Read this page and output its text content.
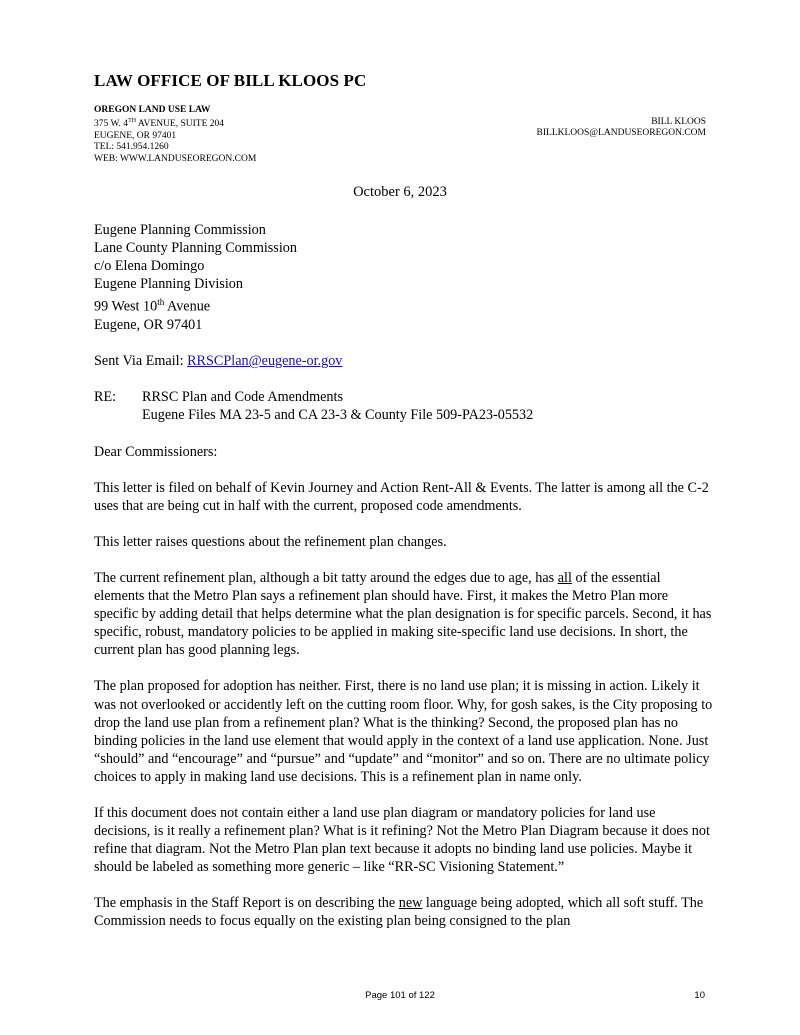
LAW OFFICE OF BILL KLOOS PC
OREGON LAND USE LAW
375 W. 4TH AVENUE, SUITE 204
EUGENE, OR 97401
TEL: 541.954.1260
WEB: WWW.LANDUSEOREGON.COM
BILL KLOOS
BILLKLOOS@LANDUSEOREGON.COM
October 6, 2023
Eugene Planning Commission
Lane County Planning Commission
c/o Elena Domingo
Eugene Planning Division
99 West 10th Avenue
Eugene, OR 97401
Sent Via Email: RRSCPlan@eugene-or.gov
RE:	RRSC Plan and Code Amendments
Eugene Files MA 23-5 and CA 23-3 & County File 509-PA23-05532
Dear Commissioners:
This letter is filed on behalf of Kevin Journey and Action Rent-All & Events. The latter is among all the C-2 uses that are being cut in half with the current, proposed code amendments.
This letter raises questions about the refinement plan changes.
The current refinement plan, although a bit tatty around the edges due to age, has all of the essential elements that the Metro Plan says a refinement plan should have. First, it makes the Metro Plan more specific by adding detail that helps determine what the plan designation is for specific parcels. Second, it has specific, robust, mandatory policies to be applied in making site-specific land use decisions. In short, the current plan has good planning legs.
The plan proposed for adoption has neither. First, there is no land use plan; it is missing in action. Likely it was not overlooked or accidently left on the cutting room floor. Why, for gosh sakes, is the City proposing to drop the land use plan from a refinement plan? What is the thinking? Second, the proposed plan has no binding policies in the land use element that would apply in the context of a land use application. None. Just “should” and “encourage” and “pursue” and “update” and “monitor” and so on. There are no ultimate policy choices to apply in making land use decisions. This is a refinement plan in name only.
If this document does not contain either a land use plan diagram or mandatory policies for land use decisions, is it really a refinement plan? What is it refining? Not the Metro Plan Diagram because it does not refine that diagram. Not the Metro Plan plan text because it adopts no binding land use policies. Maybe it should be labeled as something more generic – like “RR-SC Visioning Statement.”
The emphasis in the Staff Report is on describing the new language being adopted, which all soft stuff. The Commission needs to focus equally on the existing plan being consigned to the plan
Page 101 of 122	10
